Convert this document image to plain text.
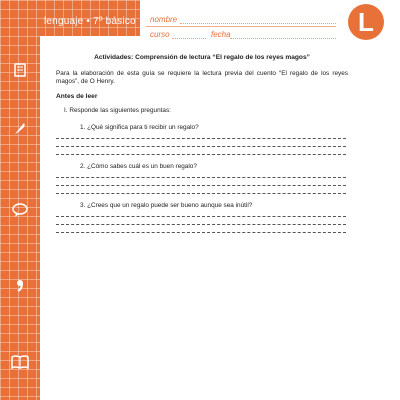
lenguaje • 7º básico nombre
curso	fecha	L
Actividades: Comprensión de lectura “El regalo de los reyes magos”
Para la elaboración de esta guía se requiere la lectura previa del cuento “El regalo de los reyes magos”, de O Henry.
Antes de leer
I. Responde las siguientes preguntas:
1. ¿Qué significa para ti recibir un regalo?
2. ¿Cómo sabes cuál es un buen regalo?
3. ¿Crees que un regalo puede ser bueno aunque sea inútil?
